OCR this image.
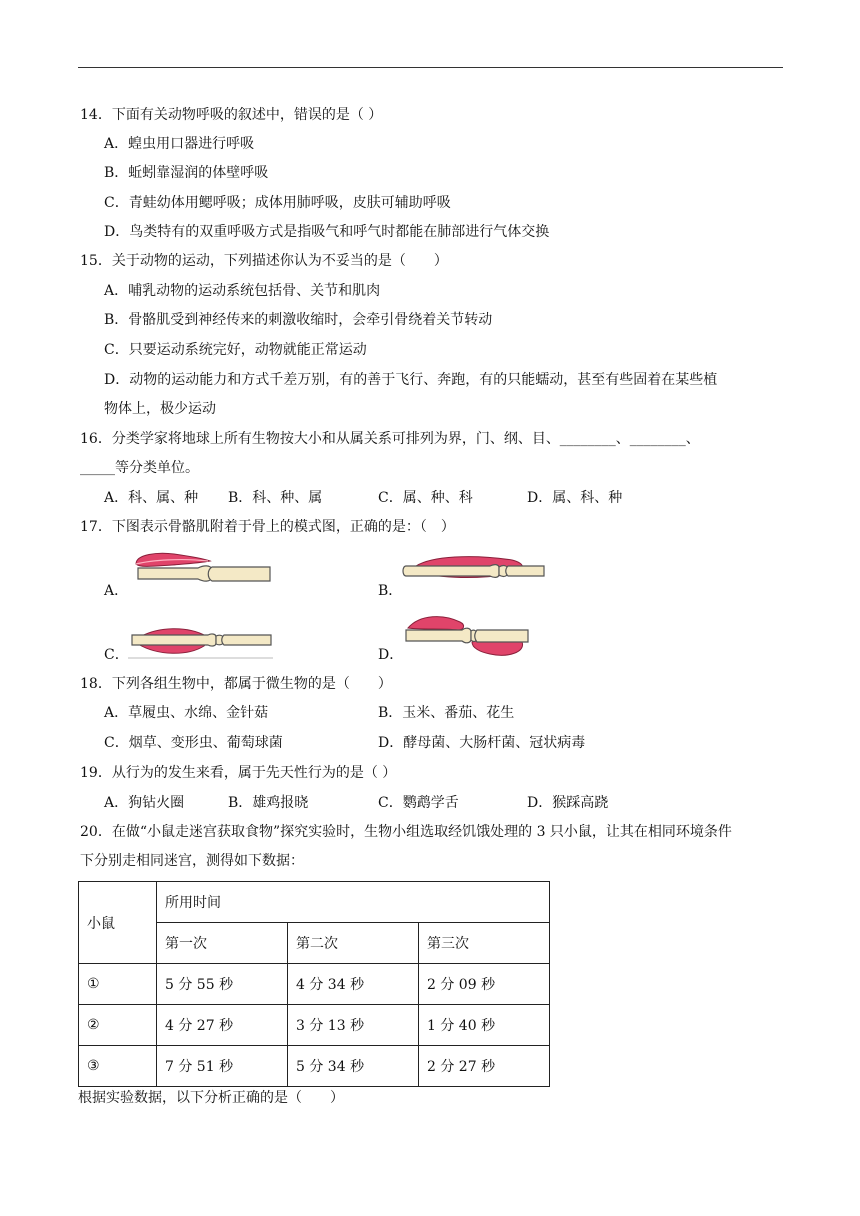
14．下面有关动物呼吸的叙述中，错误的是（ ）
A．蝗虫用口器进行呼吸
B．蚯蚓靠湿润的体壁呼吸
C．青蛙幼体用鳃呼吸；成体用肺呼吸，皮肤可辅助呼吸
D．鸟类特有的双重呼吸方式是指吸气和呼气时都能在肺部进行气体交换
15．关于动物的运动，下列描述你认为不妥当的是（　　）
A．哺乳动物的运动系统包括骨、关节和肌肉
B．骨骼肌受到神经传来的刺激收缩时，会牵引骨绕着关节转动
C．只要运动系统完好，动物就能正常运动
D．动物的运动能力和方式千差万别，有的善于飞行、奔跑，有的只能蠕动，甚至有些固着在某些植
物体上，极少运动
16．分类学家将地球上所有生物按大小和从属关系可排列为界，门、纲、目、________、________、
_____等分类单位。
A．科、属、种 B．科、种、属	C．属、种、科	D．属、科、种
17．下图表示骨骼肌附着于骨上的模式图，正确的是：（　）
A．	B．
C．	D．
18．下列各组生物中，都属于微生物的是（　　）
A．草履虫、水绵、金针菇	B．玉米、番茄、花生
C．烟草、变形虫、葡萄球菌	D．酵母菌、大肠杆菌、冠状病毒
19．从行为的发生来看，属于先天性行为的是（ ）
A．狗钻火圈	B．雄鸡报晓	C．鹦鹉学舌	D．猴踩高跷
20．在做“小鼠走迷宫获取食物”探究实验时，生物小组选取经饥饿处理的 3 只小鼠，让其在相同环境条件
下分别走相同迷宫，测得如下数据：
小鼠	所用时间		
	第一次	第二次	第三次
①	5 分 55 秒	4 分 34 秒	2 分 09 秒
②	4 分 27 秒	3 分 13 秒	1 分 40 秒
③	7 分 51 秒	5 分 34 秒	2 分 27 秒
根据实验数据，以下分析正确的是（　　）
